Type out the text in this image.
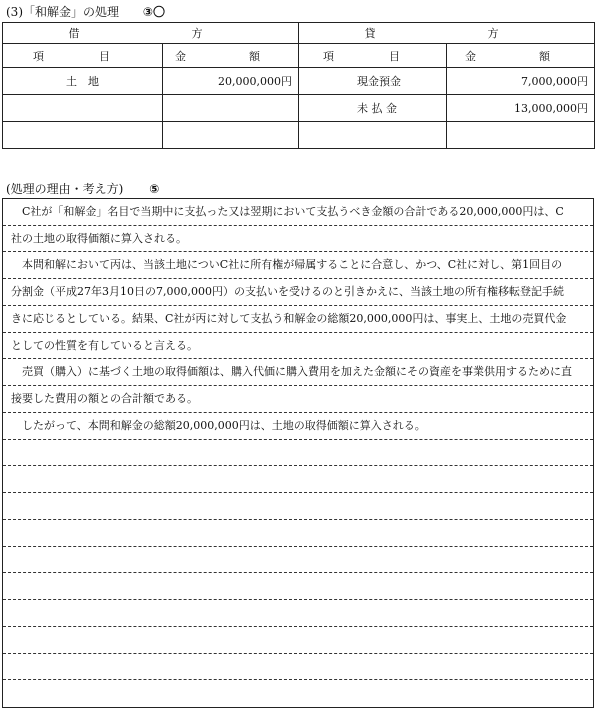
(3)「和解金」の処理 ③〇
借　　方		貸　　方	
項　目	金　額	項　目	金　額
土　地	20,000,000円	現金預金	7,000,000円
		未 払 金	13,000,000円

(処理の理由・考え方) ⑤
　C社が「和解金」名目で当期中に支払った又は翌期において支払うべき金額の合計である20,000,000円は、C
社の土地の取得価額に算入される。
　本問和解において丙は、当該土地についC社に所有権が帰属することに合意し、かつ、C社に対し、第1回目の
分割金（平成27年3月10日の7,000,000円）の支払いを受けるのと引きかえに、当該土地の所有権移転登記手続
きに応じるとしている。結果、C社が丙に対して支払う和解金の総額20,000,000円は、事実上、土地の売買代金
としての性質を有していると言える。
　売買（購入）に基づく土地の取得価額は、購入代価に購入費用を加えた金額にその資産を事業供用するために直
接要した費用の額との合計額である。
　したがって、本問和解金の総額20,000,000円は、土地の取得価額に算入される。
